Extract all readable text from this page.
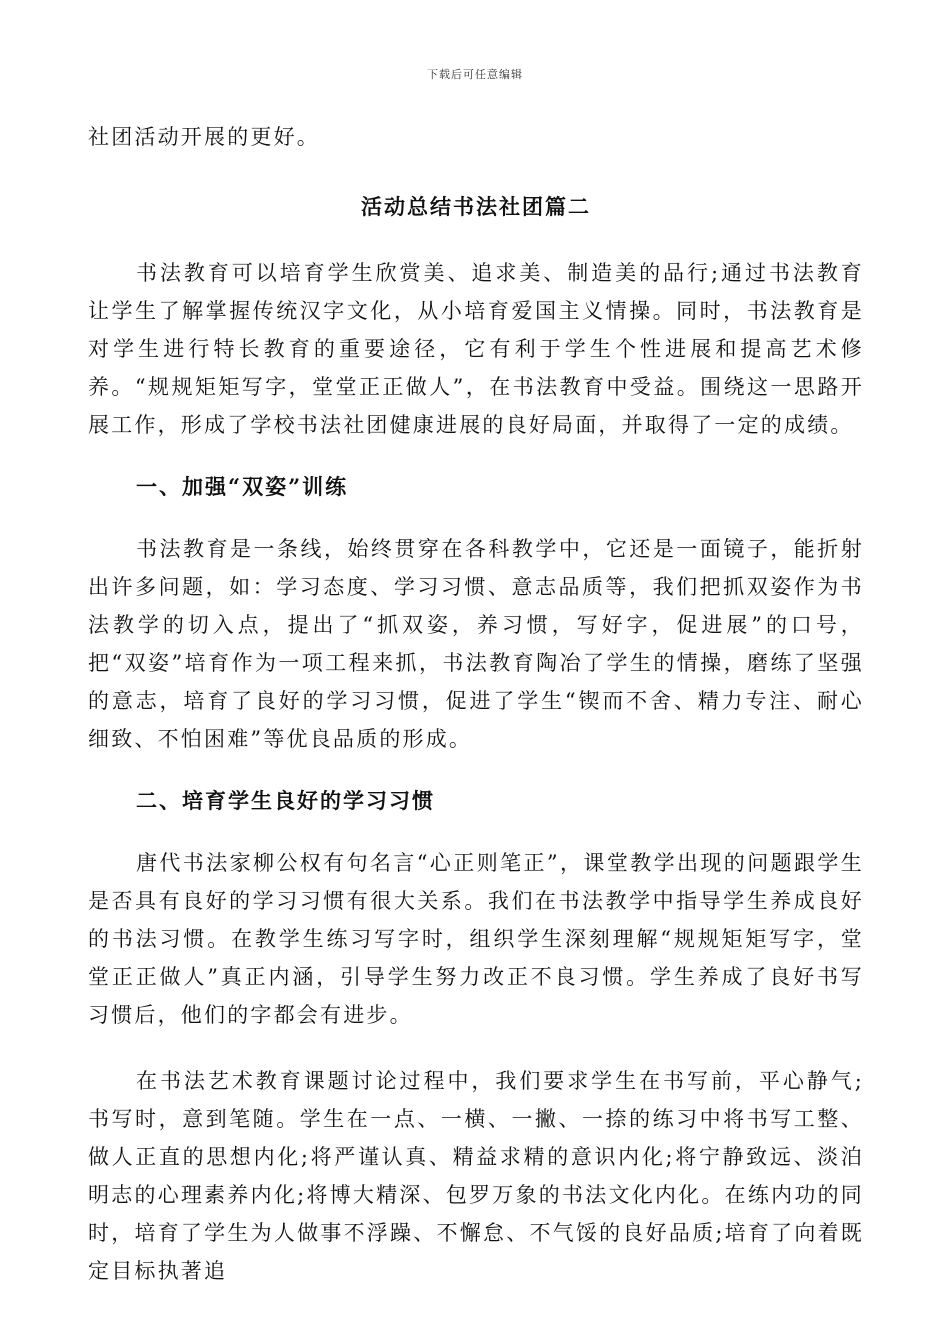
下载后可任意编辑

社团活动开展的更好。

活动总结书法社团篇二

书法教育可以培育学生欣赏美、追求美、制造美的品行;通过书法教育让学生了解掌握传统汉字文化，从小培育爱国主义情操。同时，书法教育是对学生进行特长教育的重要途径，它有利于学生个性进展和提高艺术修养。“规规矩矩写字，堂堂正正做人”，在书法教育中受益。围绕这一思路开展工作，形成了学校书法社团健康进展的良好局面，并取得了一定的成绩。

一、加强“双姿”训练

书法教育是一条线，始终贯穿在各科教学中，它还是一面镜子，能折射出许多问题，如：学习态度、学习习惯、意志品质等，我们把抓双姿作为书法教学的切入点，提出了“抓双姿，养习惯，写好字，促进展”的口号，把“双姿”培育作为一项工程来抓，书法教育陶冶了学生的情操，磨练了坚强的意志，培育了良好的学习习惯，促进了学生“锲而不舍、精力专注、耐心细致、不怕困难”等优良品质的形成。

二、培育学生良好的学习习惯

唐代书法家柳公权有句名言“心正则笔正”，课堂教学出现的问题跟学生是否具有良好的学习习惯有很大关系。我们在书法教学中指导学生养成良好的书法习惯。在教学生练习写字时，组织学生深刻理解“规规矩矩写字，堂堂正正做人”真正内涵，引导学生努力改正不良习惯。学生养成了良好书写习惯后，他们的字都会有进步。

在书法艺术教育课题讨论过程中，我们要求学生在书写前，平心静气;书写时，意到笔随。学生在一点、一横、一撇、一捺的练习中将书写工整、做人正直的思想内化;将严谨认真、精益求精的意识内化;将宁静致远、淡泊明志的心理素养内化;将博大精深、包罗万象的书法文化内化。在练内功的同时，培育了学生为人做事不浮躁、不懈怠、不气馁的良好品质;培育了向着既定目标执著追
